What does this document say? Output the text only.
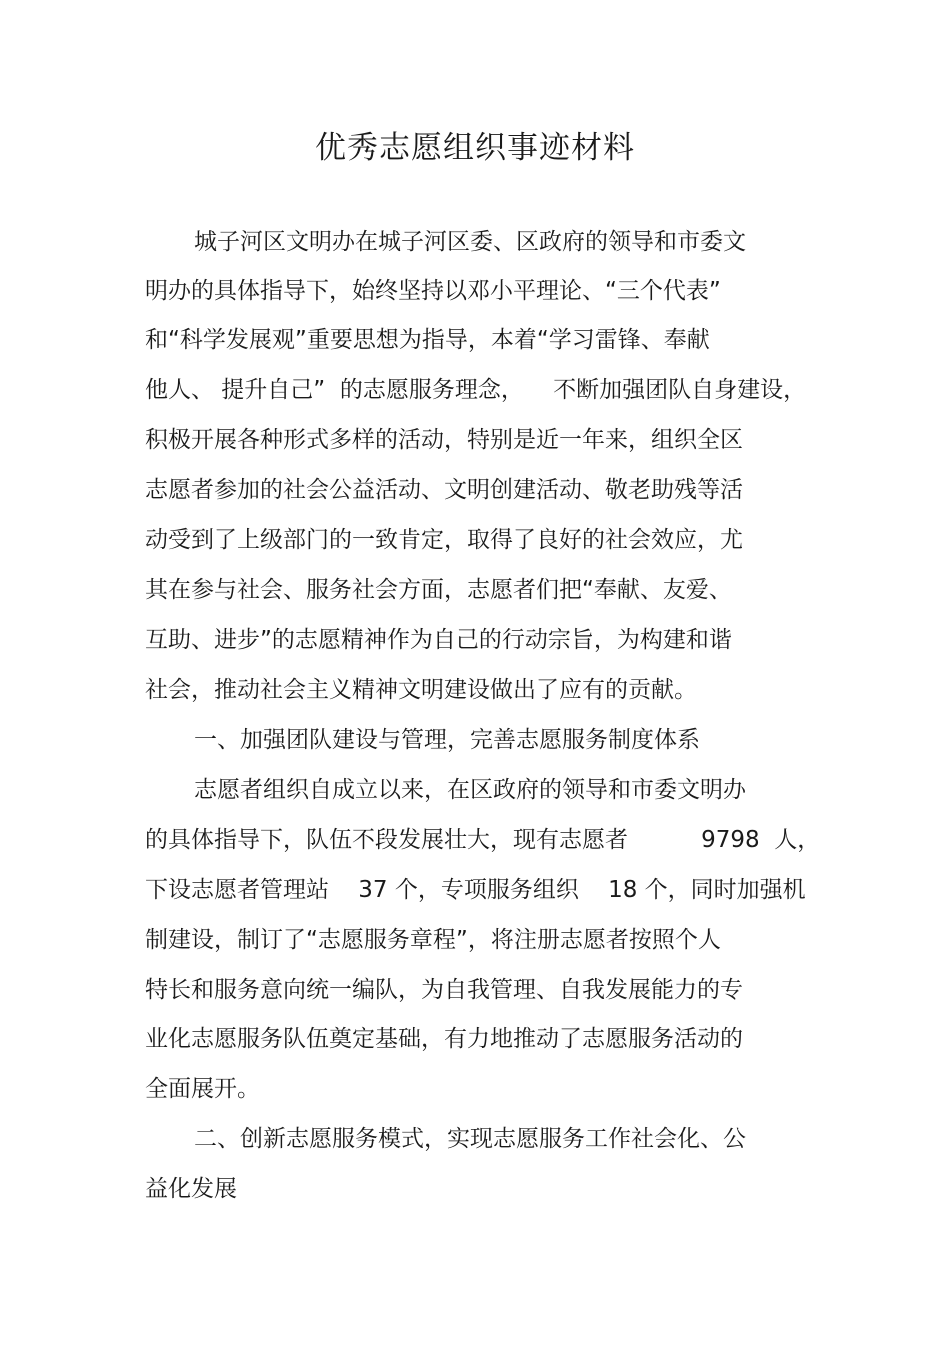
优秀志愿组织事迹材料

城子河区文明办在城子河区委、区政府的领导和市委文

明办的具体指导下，始终坚持以邓小平理论、“三个代表”

和“科学发展观”重要思想为指导，本着“学习雷锋、奉献

他人、 提升自己”  的志愿服务理念，    不断加强团队自身建设，

积极开展各种形式多样的活动，特别是近一年来，组织全区

志愿者参加的社会公益活动、文明创建活动、敬老助残等活

动受到了上级部门的一致肯定，取得了良好的社会效应，尤

其在参与社会、服务社会方面，志愿者们把“奉献、友爱、

互助、进步”的志愿精神作为自己的行动宗旨，为构建和谐

社会，推动社会主义精神文明建设做出了应有的贡献。

一、加强团队建设与管理，完善志愿服务制度体系

志愿者组织自成立以来，在区政府的领导和市委文明办

的具体指导下，队伍不段发展壮大，现有志愿者          9798  人，

下设志愿者管理站    37 个，专项服务组织    18 个，同时加强机

制建设，制订了“志愿服务章程”，将注册志愿者按照个人

特长和服务意向统一编队，为自我管理、自我发展能力的专

业化志愿服务队伍奠定基础，有力地推动了志愿服务活动的

全面展开。

二、创新志愿服务模式，实现志愿服务工作社会化、公

益化发展
